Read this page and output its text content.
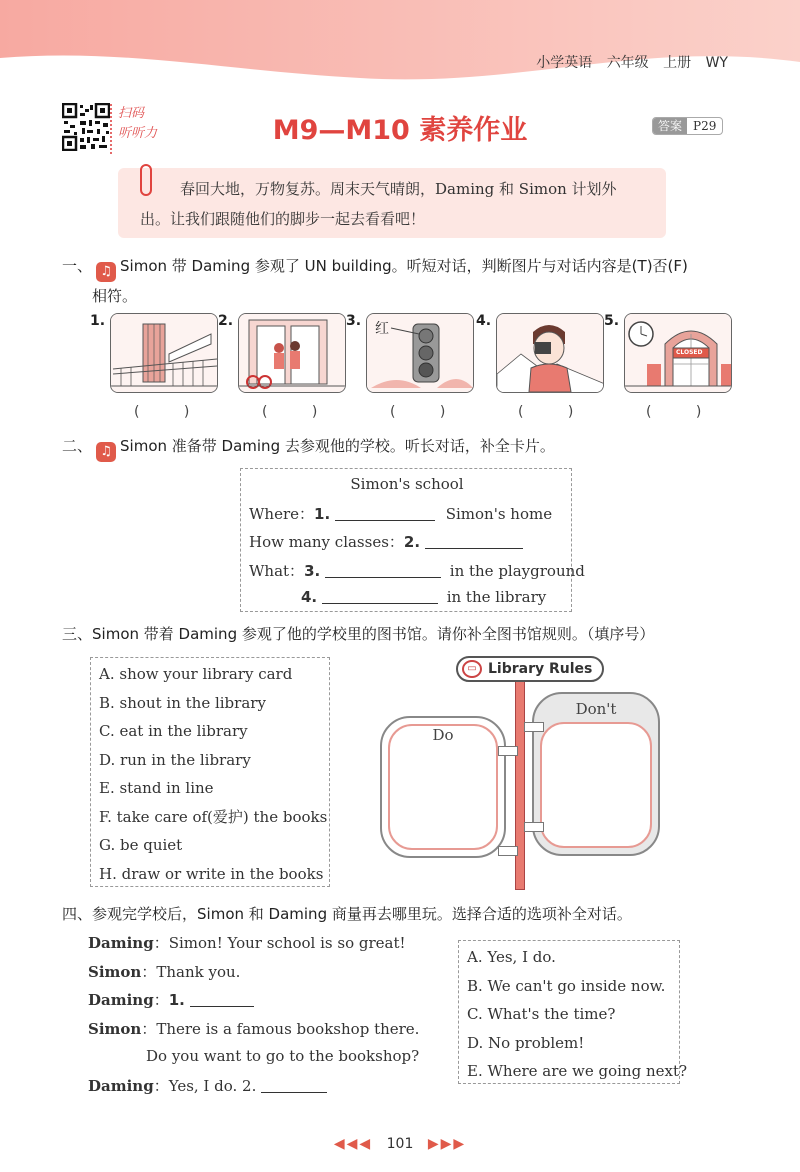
小学英语 六年级 上册 WY
扫码
听听力	M9—M10 素养作业	答案 P29

春回大地，万物复苏。周末天气晴朗，Daming 和 Simon 计划外

出。让我们跟随他们的脚步一起去看看吧！
一、 ♫ Simon 带 Daming 参观了 UN building。听短对话，判断图片与对话内容是(T)否(F)
相符。
1.	2.	3. 红	4.	5.
CLOSED
( )	( )	( )	( )	( )
二、 ♫ Simon 准备带 Daming 去参观他的学校。听长对话，补全卡片。
Simon's school
Where：1.	Simon's home
How many classes：2.
What：3.	in the playground
4.	in the library
三、Simon 带着 Daming 参观了他的学校里的图书馆。请你补全图书馆规则。（填序号）
A. show your library card
B. shout in the library
C. eat in the library
D. run in the library
E. stand in line
F. take care of(爱护) the books
G. be quiet
H. draw or write in the books
▭ Library Rules
Do
Don't
四、参观完学校后，Simon 和 Daming 商量再去哪里玩。选择合适的选项补全对话。
Daming：Simon! Your school is so great!
Simon：Thank you.
Daming：1.
Simon：There is a famous bookshop there.
Do you want to go to the bookshop?
Daming：Yes, I do. 2.
A. Yes, I do.
B. We can't go inside now.
C. What's the time?
D. No problem!
E. Where are we going next?
◀◀◀ 101 ▶▶▶
